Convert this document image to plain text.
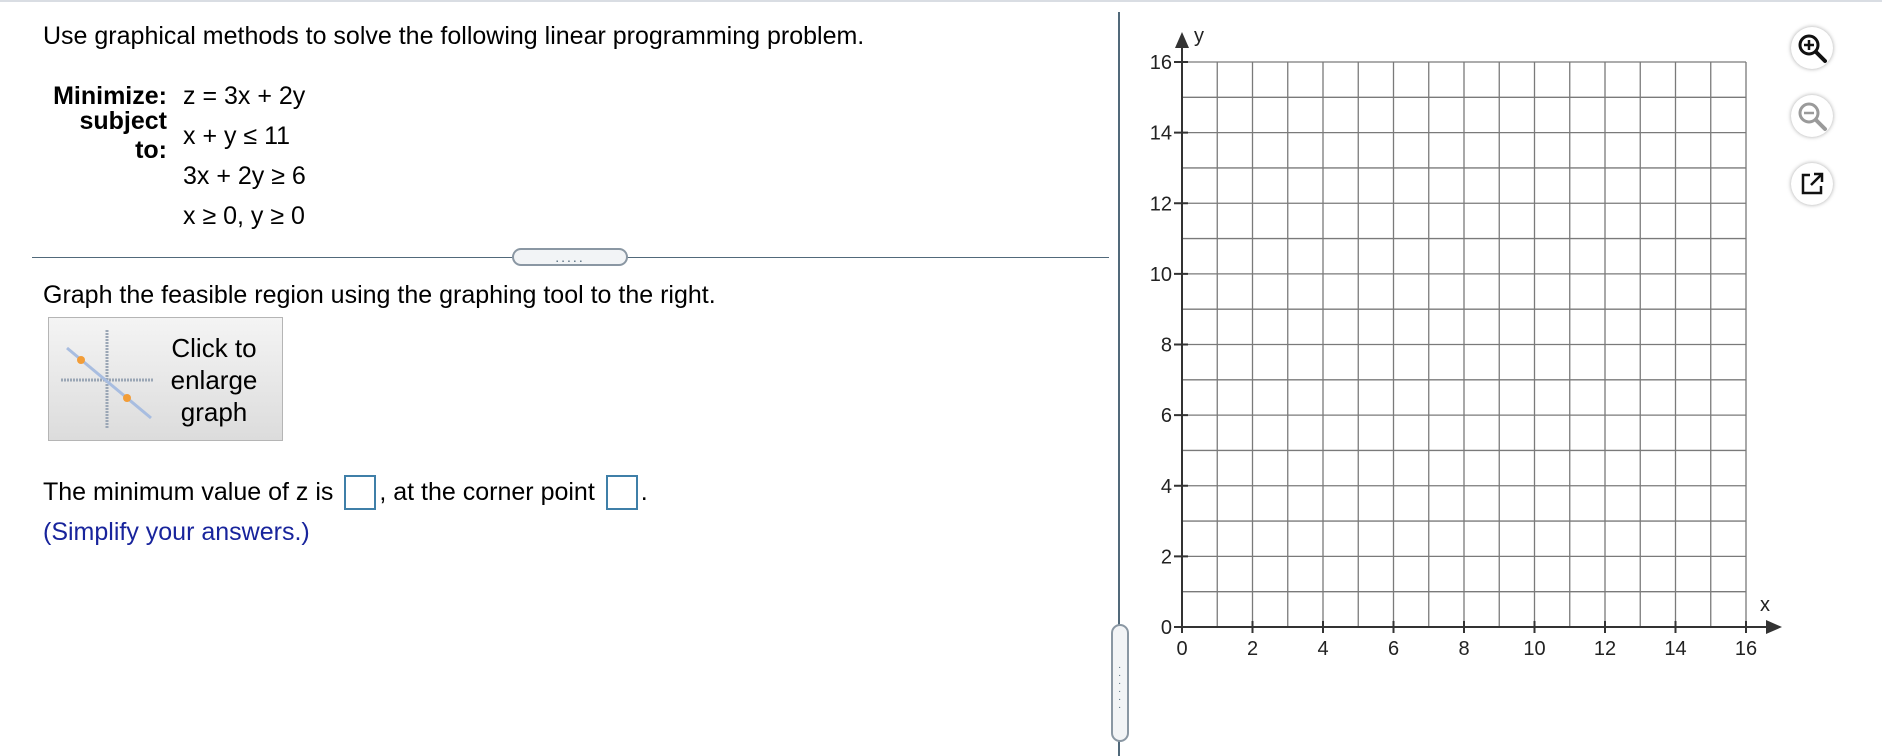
Use graphical methods to solve the following linear programming problem.
Minimize: z = 3x + 2y
subject to:
x + y ≤ 11
3x + 2y ≥ 6
x ≥ 0, y ≥ 0
.....
Graph the feasible region using the graphing tool to the right.
Click to
enlarge
graph
The minimum value of z is , at the corner point .
(Simplify your answers.)
·
·
·
·
·
·
0	2	4	6	8	10 12 14 16
0
2
4
6
8
10
12
14
16
y
x
